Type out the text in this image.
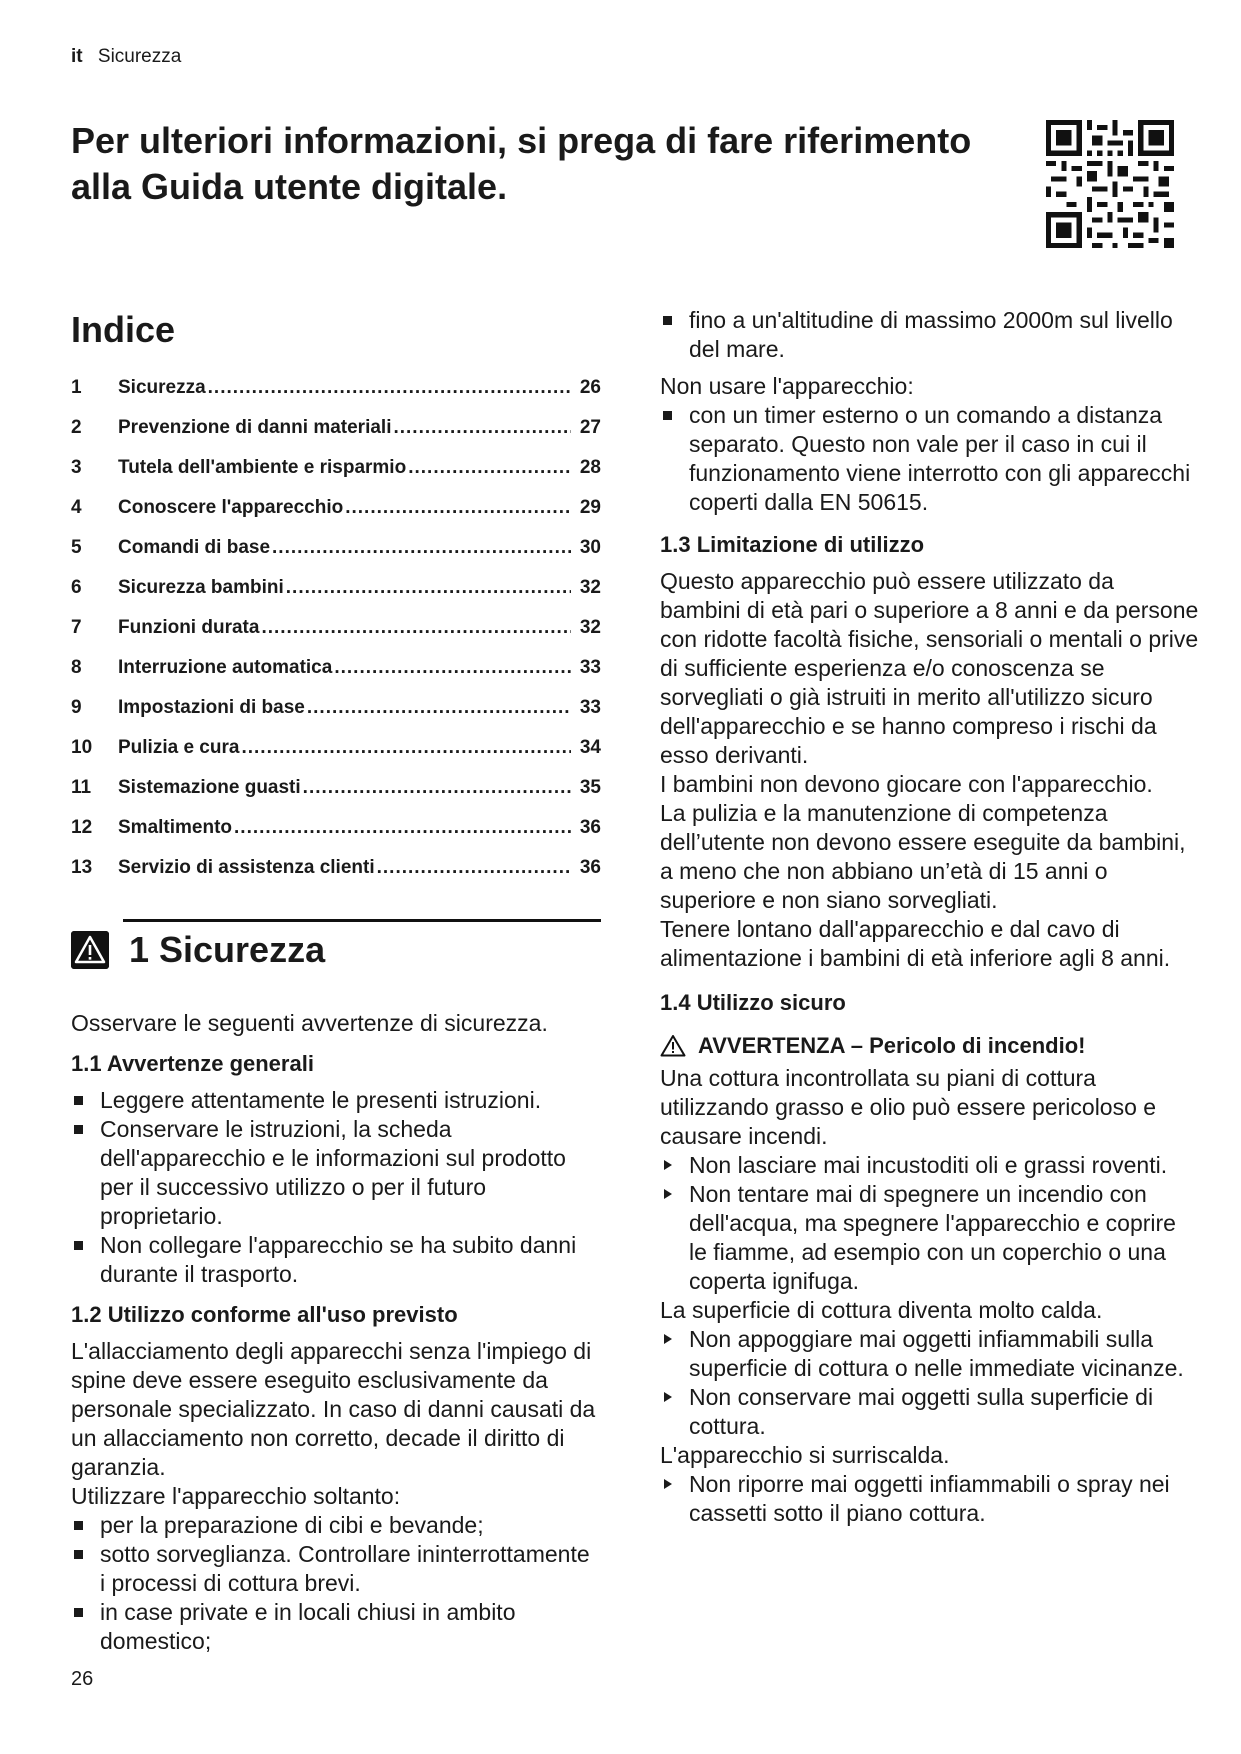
it Sicurezza
Per ulteriori informazioni, si prega di fare riferimento alla Guida utente digitale.
Indice
1	Sicurezza .....	26
2	Prevenzione di danni materiali .....	27
3	Tutela dell'ambiente e risparmio .....	28
4	Conoscere l'apparecchio .....	29
5	Comandi di base .....	30
6	Sicurezza bambini .....	32
7	Funzioni durata .....	32
8	Interruzione automatica .....	33
9	Impostazioni di base .....	33
10	Pulizia e cura .....	34
11	Sistemazione guasti .....	35
12	Smaltimento .....	36
13	Servizio di assistenza clienti .....	36
1 Sicurezza

Osservare le seguenti avvertenze di sicurezza.

1.1 Avvertenze generali
Leggere attentamente le presenti istruzioni.
Conservare le istruzioni, la scheda dell'apparecchio e le informazioni sul prodotto per il successivo utilizzo o per il futuro proprietario.
Non collegare l'apparecchio se ha subito danni durante il trasporto.
1.2 Utilizzo conforme all'uso previsto

L'allacciamento degli apparecchi senza l'impiego di spine deve essere eseguito esclusivamente da personale specializzato. In caso di danni causati da un allacciamento non corretto, decade il diritto di garanzia.

Utilizzare l'apparecchio soltanto:

per la preparazione di cibi e bevande;
sotto sorveglianza. Controllare ininterrottamente i processi di cottura brevi.
in case private e in locali chiusi in ambito domestico;
fino a un'altitudine di massimo 2000m sul livello del mare.

Non usare l'apparecchio:

con un timer esterno o un comando a distanza separato. Questo non vale per il caso in cui il funzionamento viene interrotto con gli apparecchi coperti dalla EN 50615.
1.3 Limitazione di utilizzo

Questo apparecchio può essere utilizzato da bambini di età pari o superiore a 8 anni e da persone con ridotte facoltà fisiche, sensoriali o mentali o prive di sufficiente esperienza e/o conoscenza se sorvegliati o già istruiti in merito all'utilizzo sicuro dell'apparecchio e se hanno compreso i rischi da esso derivanti.

I bambini non devono giocare con l'apparecchio.

La pulizia e la manutenzione di competenza dell’utente non devono essere eseguite da bambini, a meno che non abbiano un’età di 15 anni o superiore e non siano sorvegliati.

Tenere lontano dall'apparecchio e dal cavo di alimentazione i bambini di età inferiore agli 8 anni.

1.4 Utilizzo sicuro
AVVERTENZA – Pericolo di incendio!

Una cottura incontrollata su piani di cottura utilizzando grasso e olio può essere pericoloso e causare incendi.

Non lasciare mai incustoditi oli e grassi roventi.
Non tentare mai di spegnere un incendio con dell'acqua, ma spegnere l'apparecchio e coprire le fiamme, ad esempio con un coperchio o una coperta ignifuga.

La superficie di cottura diventa molto calda.

Non appoggiare mai oggetti infiammabili sulla superficie di cottura o nelle immediate vicinanze.
Non conservare mai oggetti sulla superficie di cottura.

L'apparecchio si surriscalda.

Non riporre mai oggetti infiammabili o spray nei cassetti sotto il piano cottura.
26
